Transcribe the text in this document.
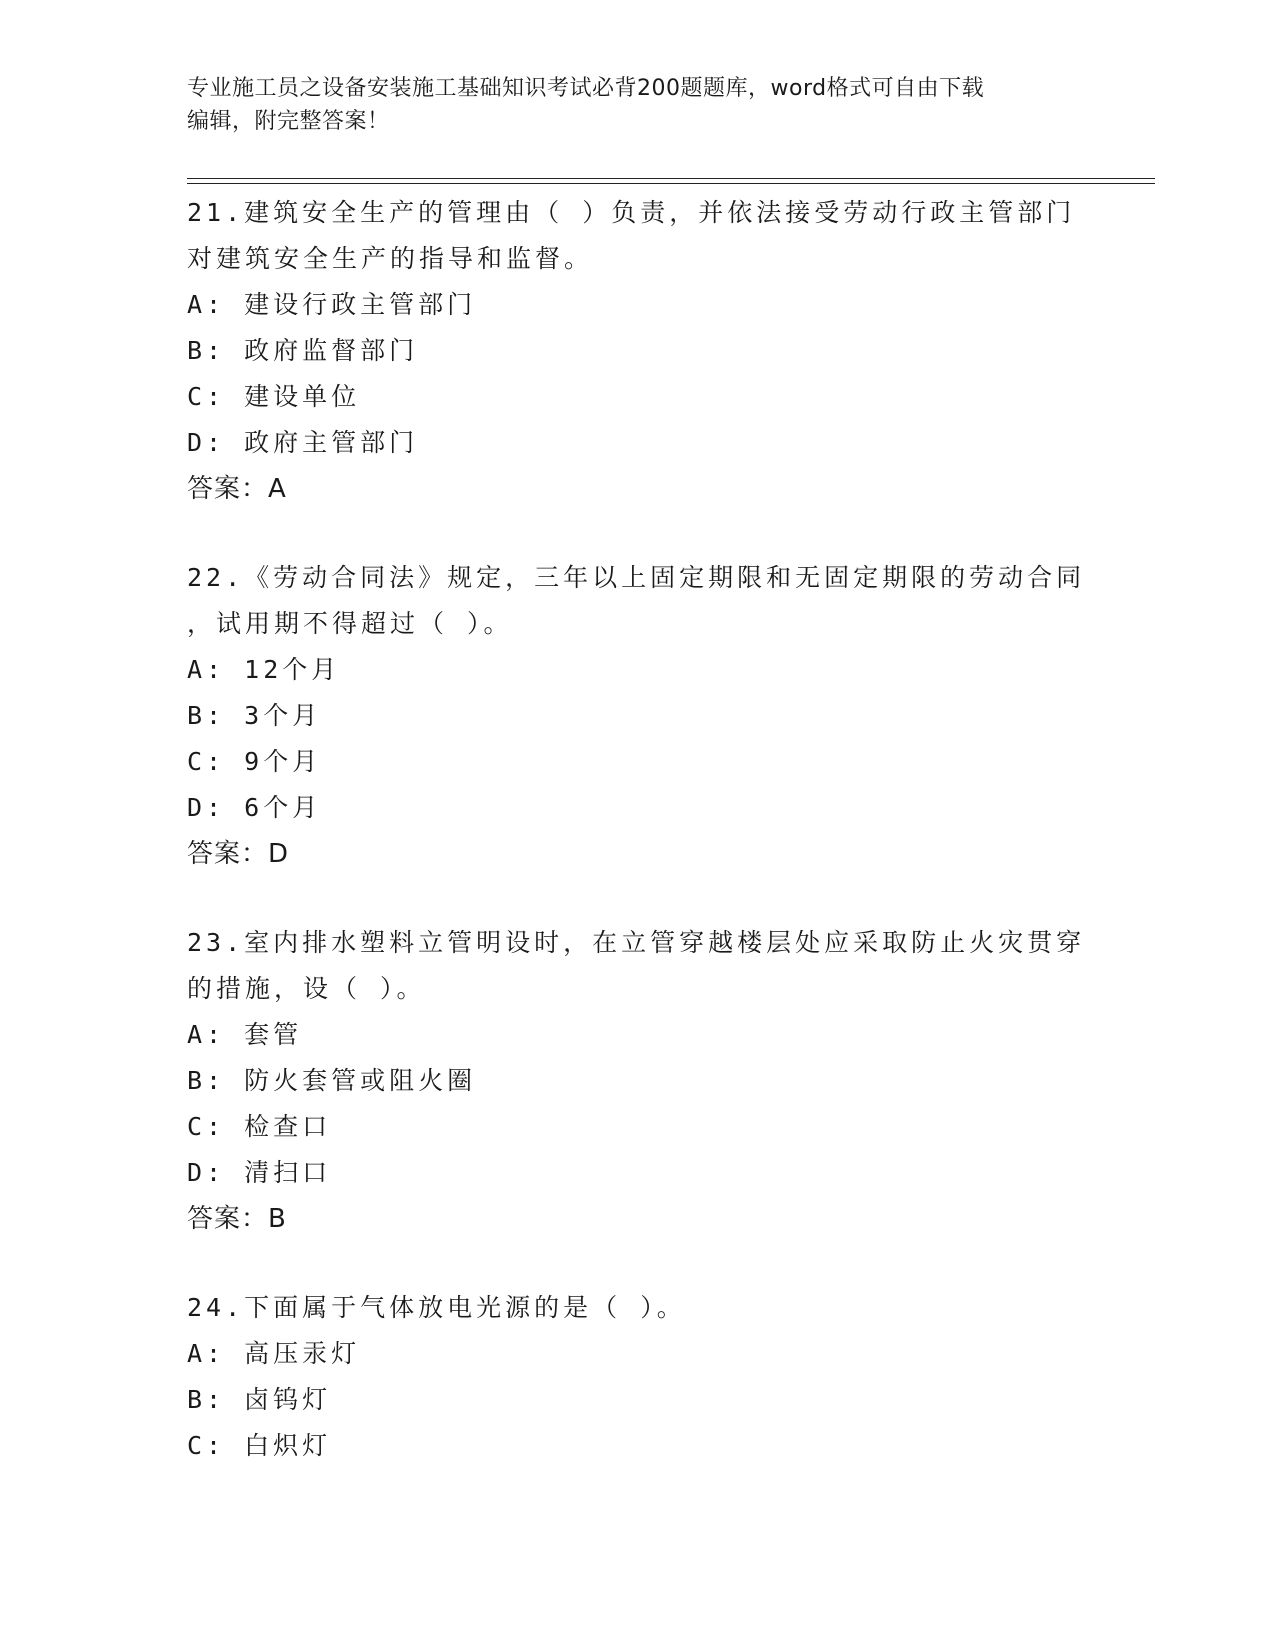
专业施工员之设备安装施工基础知识考试必背200题题库，word格式可自由下载
编辑，附完整答案！
21.建筑安全生产的管理由（ ）负责，并依法接受劳动行政主管部门
对建筑安全生产的指导和监督。
A: 建设行政主管部门
B: 政府监督部门
C: 建设单位
D: 政府主管部门
答案：A
22.《劳动合同法》规定，三年以上固定期限和无固定期限的劳动合同
，试用期不得超过（ ）。
A: 12个月
B: 3个月
C: 9个月
D: 6个月
答案：D
23.室内排水塑料立管明设时，在立管穿越楼层处应采取防止火灾贯穿
的措施，设（ ）。
A: 套管
B: 防火套管或阻火圈
C: 检查口
D: 清扫口
答案：B
24.下面属于气体放电光源的是（ ）。
A: 高压汞灯
B: 卤钨灯
C: 白炽灯
